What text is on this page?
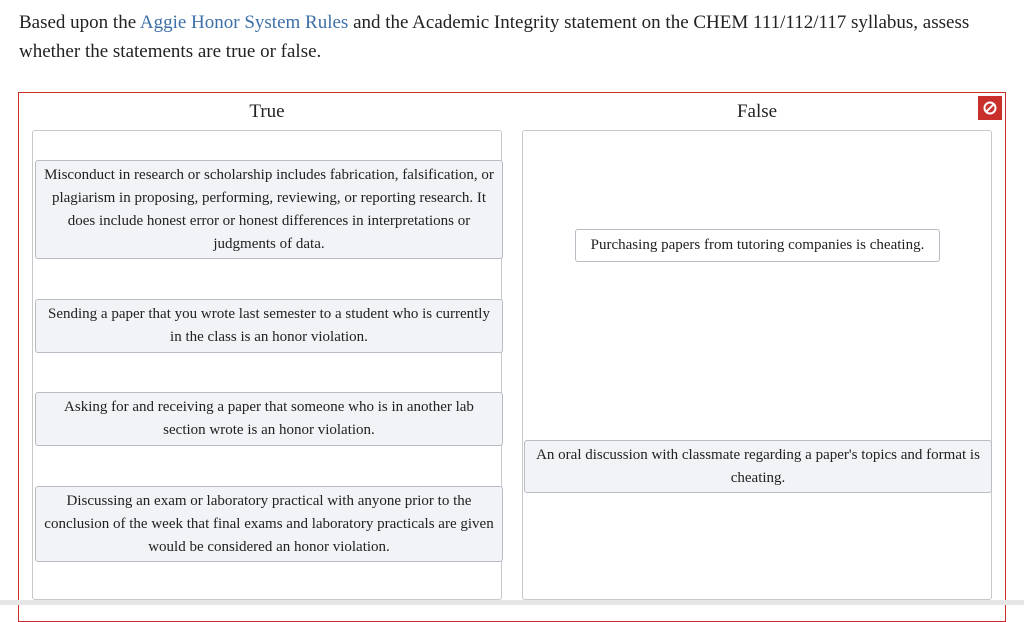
Based upon the Aggie Honor System Rules and the Academic Integrity statement on the CHEM 111/112/117 syllabus, assess whether the statements are true or false.
True	False
Misconduct in research or scholarship includes fabrication, falsification, or plagiarism in proposing, performing, reviewing, or reporting research. It does include honest error or honest differences in interpretations or judgments of data.
Sending a paper that you wrote last semester to a student who is currently in the class is an honor violation.
Asking for and receiving a paper that someone who is in another lab section wrote is an honor violation.
Discussing an exam or laboratory practical with anyone prior to the conclusion of the week that final exams and laboratory practicals are given would be considered an honor violation.
Purchasing papers from tutoring companies is cheating.
An oral discussion with classmate regarding a paper's topics and format is cheating.
